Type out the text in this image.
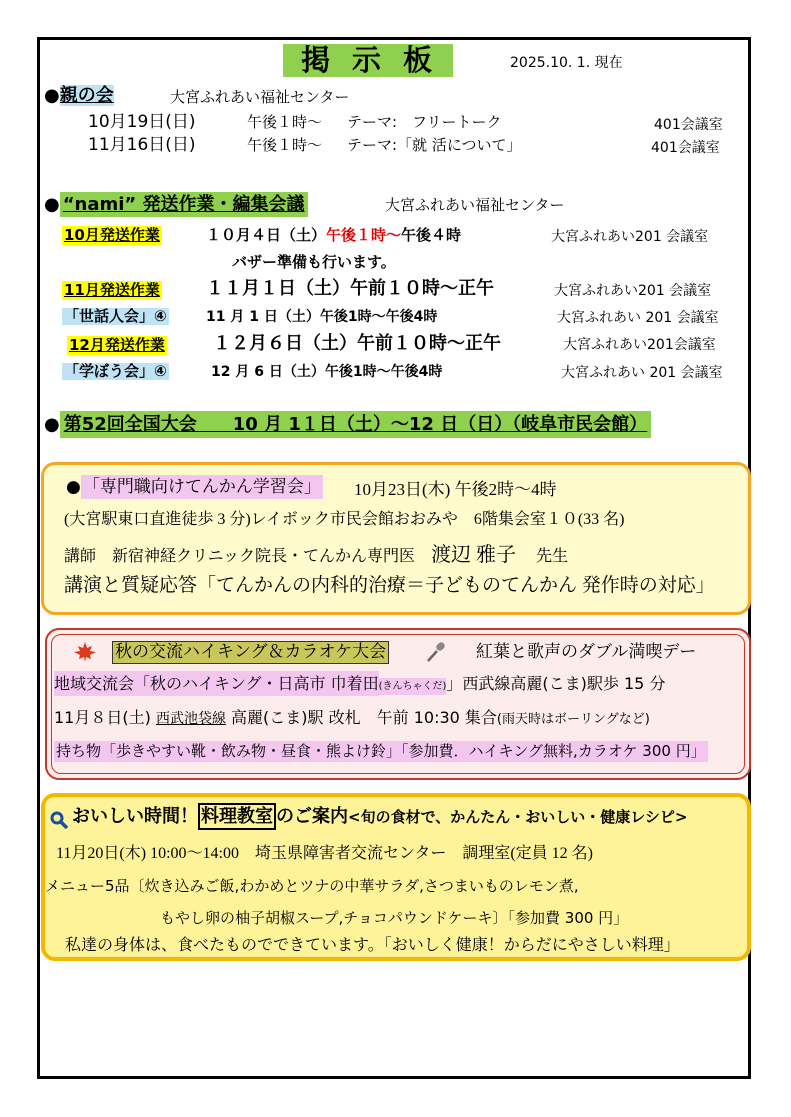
掲示板	2025.10. 1. 現在
●親の会	大宮ふれあい福祉センター
10月19日(日)	午後１時～ テーマ:　フリートーク	401会議室
11月16日(日)	午後１時～ テーマ:「就 活について」	401会議室
● “nami” 発送作業・編集会議	大宮ふれあい福祉センター
10月発送作業	１０月４日（土）午後１時～午後４時	大宮ふれあい201 会議室
バザー準備も行います。
11月発送作業	１１月１日（土）午前１０時～正午	大宮ふれあい201 会議室
「世話人会」④	11 月 1 日（土）午後1時～午後4時	大宮ふれあい 201 会議室
12月発送作業	１２月６日（土）午前１０時～正午	大宮ふれあい201会議室
「学ぼう会」④	12 月 6 日（土）午後1時～午後4時	大宮ふれあい 201 会議室
● 第52回全国大会　　10 月 1１日（土）～12 日（日）（岐阜市民会館）
● 「専門職向けてんかん学習会」 10月23日(木) 午後2時～4時
(大宮駅東口直進徒歩 3 分)レイボック市民会館おおみや　6階集会室１０(33 名)
講師　新宿神経クリニック院長・てんかん専門医　 渡辺 雅子　 先生
講演と質疑応答「てんかんの内科的治療＝子どものてんかん 発作時の対応」
秋の交流ハイキング＆カラオケ大会	紅葉と歌声のダブル満喫デー
地域交流会「秋のハイキング・日高市 巾着田(きんちゃくだ)」西武線高麗(こま)駅歩 15 分
11月８日(土) 西武池袋線 高麗(こま)駅 改札　午前 10:30 集合(雨天時はボーリングなど)
持ち物「歩きやすい靴・飲み物・昼食・熊よけ鈴」「参加費．ハイキング無料,カラオケ 300 円」
おいしい時間！ 料理教室 のご案内<旬の食材で、かんたん・おいしい・健康レシピ>
11月20日(木) 10:00～14:00　埼玉県障害者交流センター　調理室(定員 12 名)
メニュー5品〔炊き込みご飯,わかめとツナの中華サラダ,さつまいものレモン煮,
もやし卵の柚子胡椒スープ,チョコパウンドケーキ〕「参加費 300 円」
私達の身体は、食べたものでできています。「おいしく健康！からだにやさしい料理」
